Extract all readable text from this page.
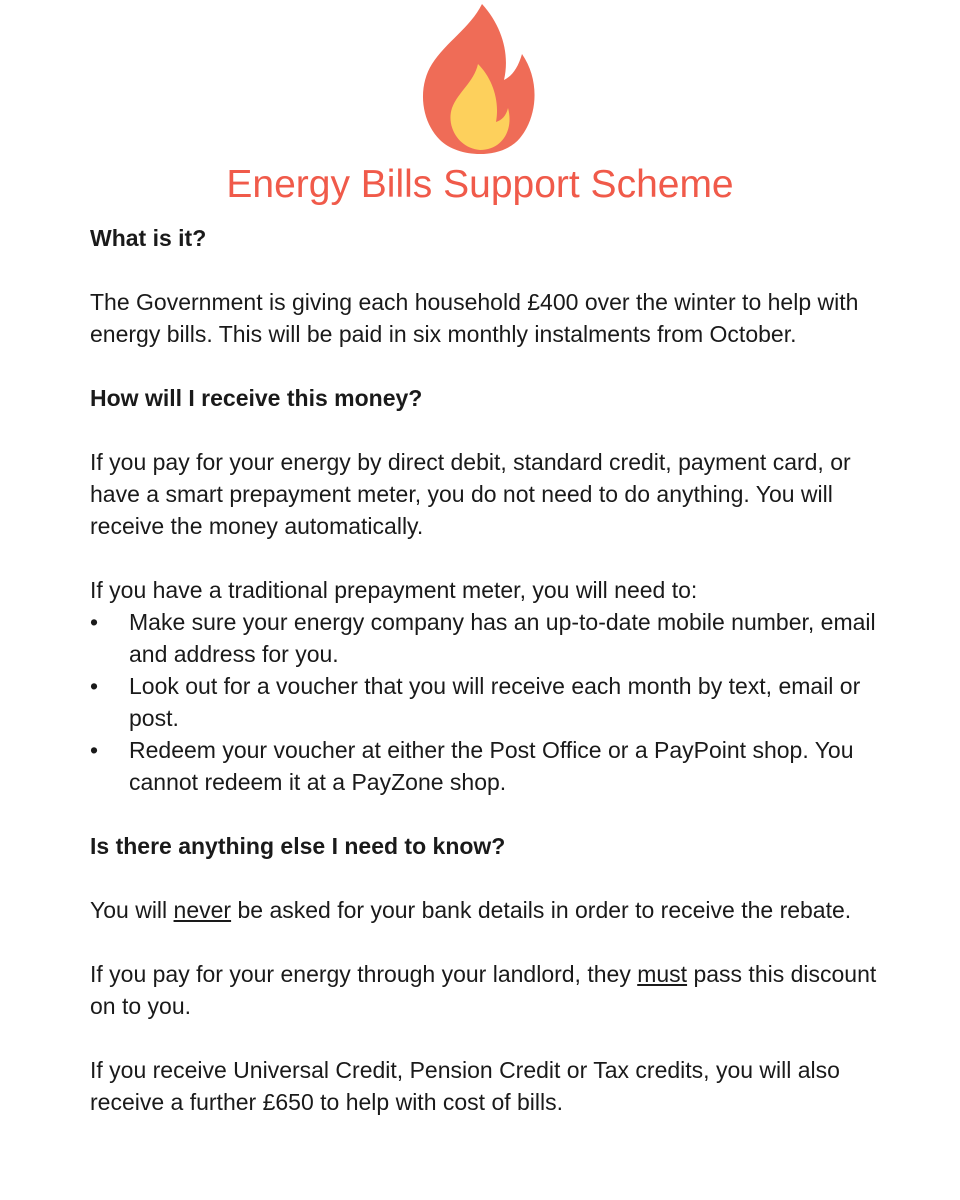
Energy Bills Support Scheme
What is it?

The Government is giving each household £400 over the winter to help with energy bills. This will be paid in six monthly instalments from October.

How will I receive this money?

If you pay for your energy by direct debit, standard credit, payment card, or have a smart prepayment meter, you do not need to do anything. You will receive the money automatically.

If you have a traditional prepayment meter, you will need to:

• Make sure your energy company has an up-to-date mobile number, email and address for you.
• Look out for a voucher that you will receive each month by text, email or post.
• Redeem your voucher at either the Post Office or a PayPoint shop. You cannot redeem it at a PayZone shop.
Is there anything else I need to know?

You will never be asked for your bank details in order to receive the rebate.

If you pay for your energy through your landlord, they must pass this discount on to you.

If you receive Universal Credit, Pension Credit or Tax credits, you will also receive a further £650 to help with cost of bills.
